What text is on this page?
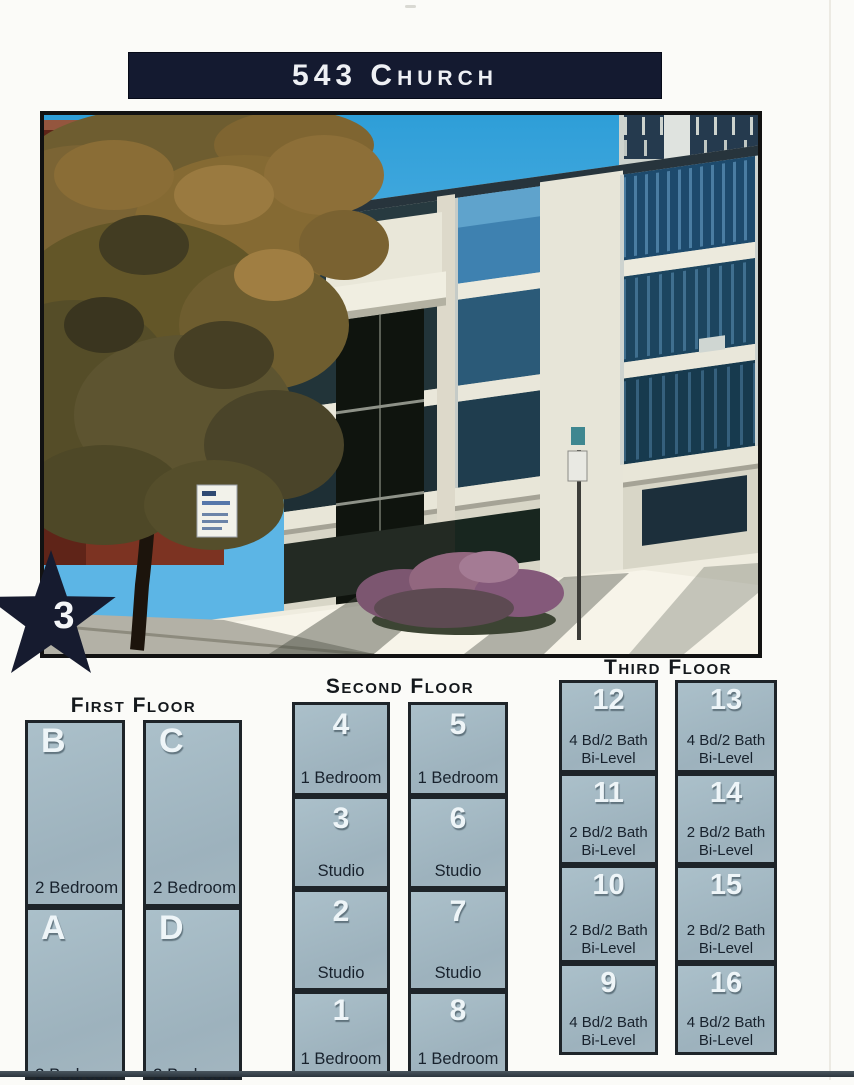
543 Church
3
First Floor
B
2 Bedroom
A
C
2 Bedroom
D
Second Floor
4
1 Bedroom
3
Studio
2
Studio
1
1 Bedroom
5
1 Bedroom
6
Studio
7
Studio
8
1 Bedroom
Third Floor
12
4 Bd/2 Bath
Bi-Level
11
2 Bd/2 Bath
Bi-Level
10
2 Bd/2 Bath
Bi-Level
9
4 Bd/2 Bath
Bi-Level
13
4 Bd/2 Bath
Bi-Level
14
2 Bd/2 Bath
Bi-Level
15
2 Bd/2 Bath
Bi-Level
16
4 Bd/2 Bath
Bi-Level
